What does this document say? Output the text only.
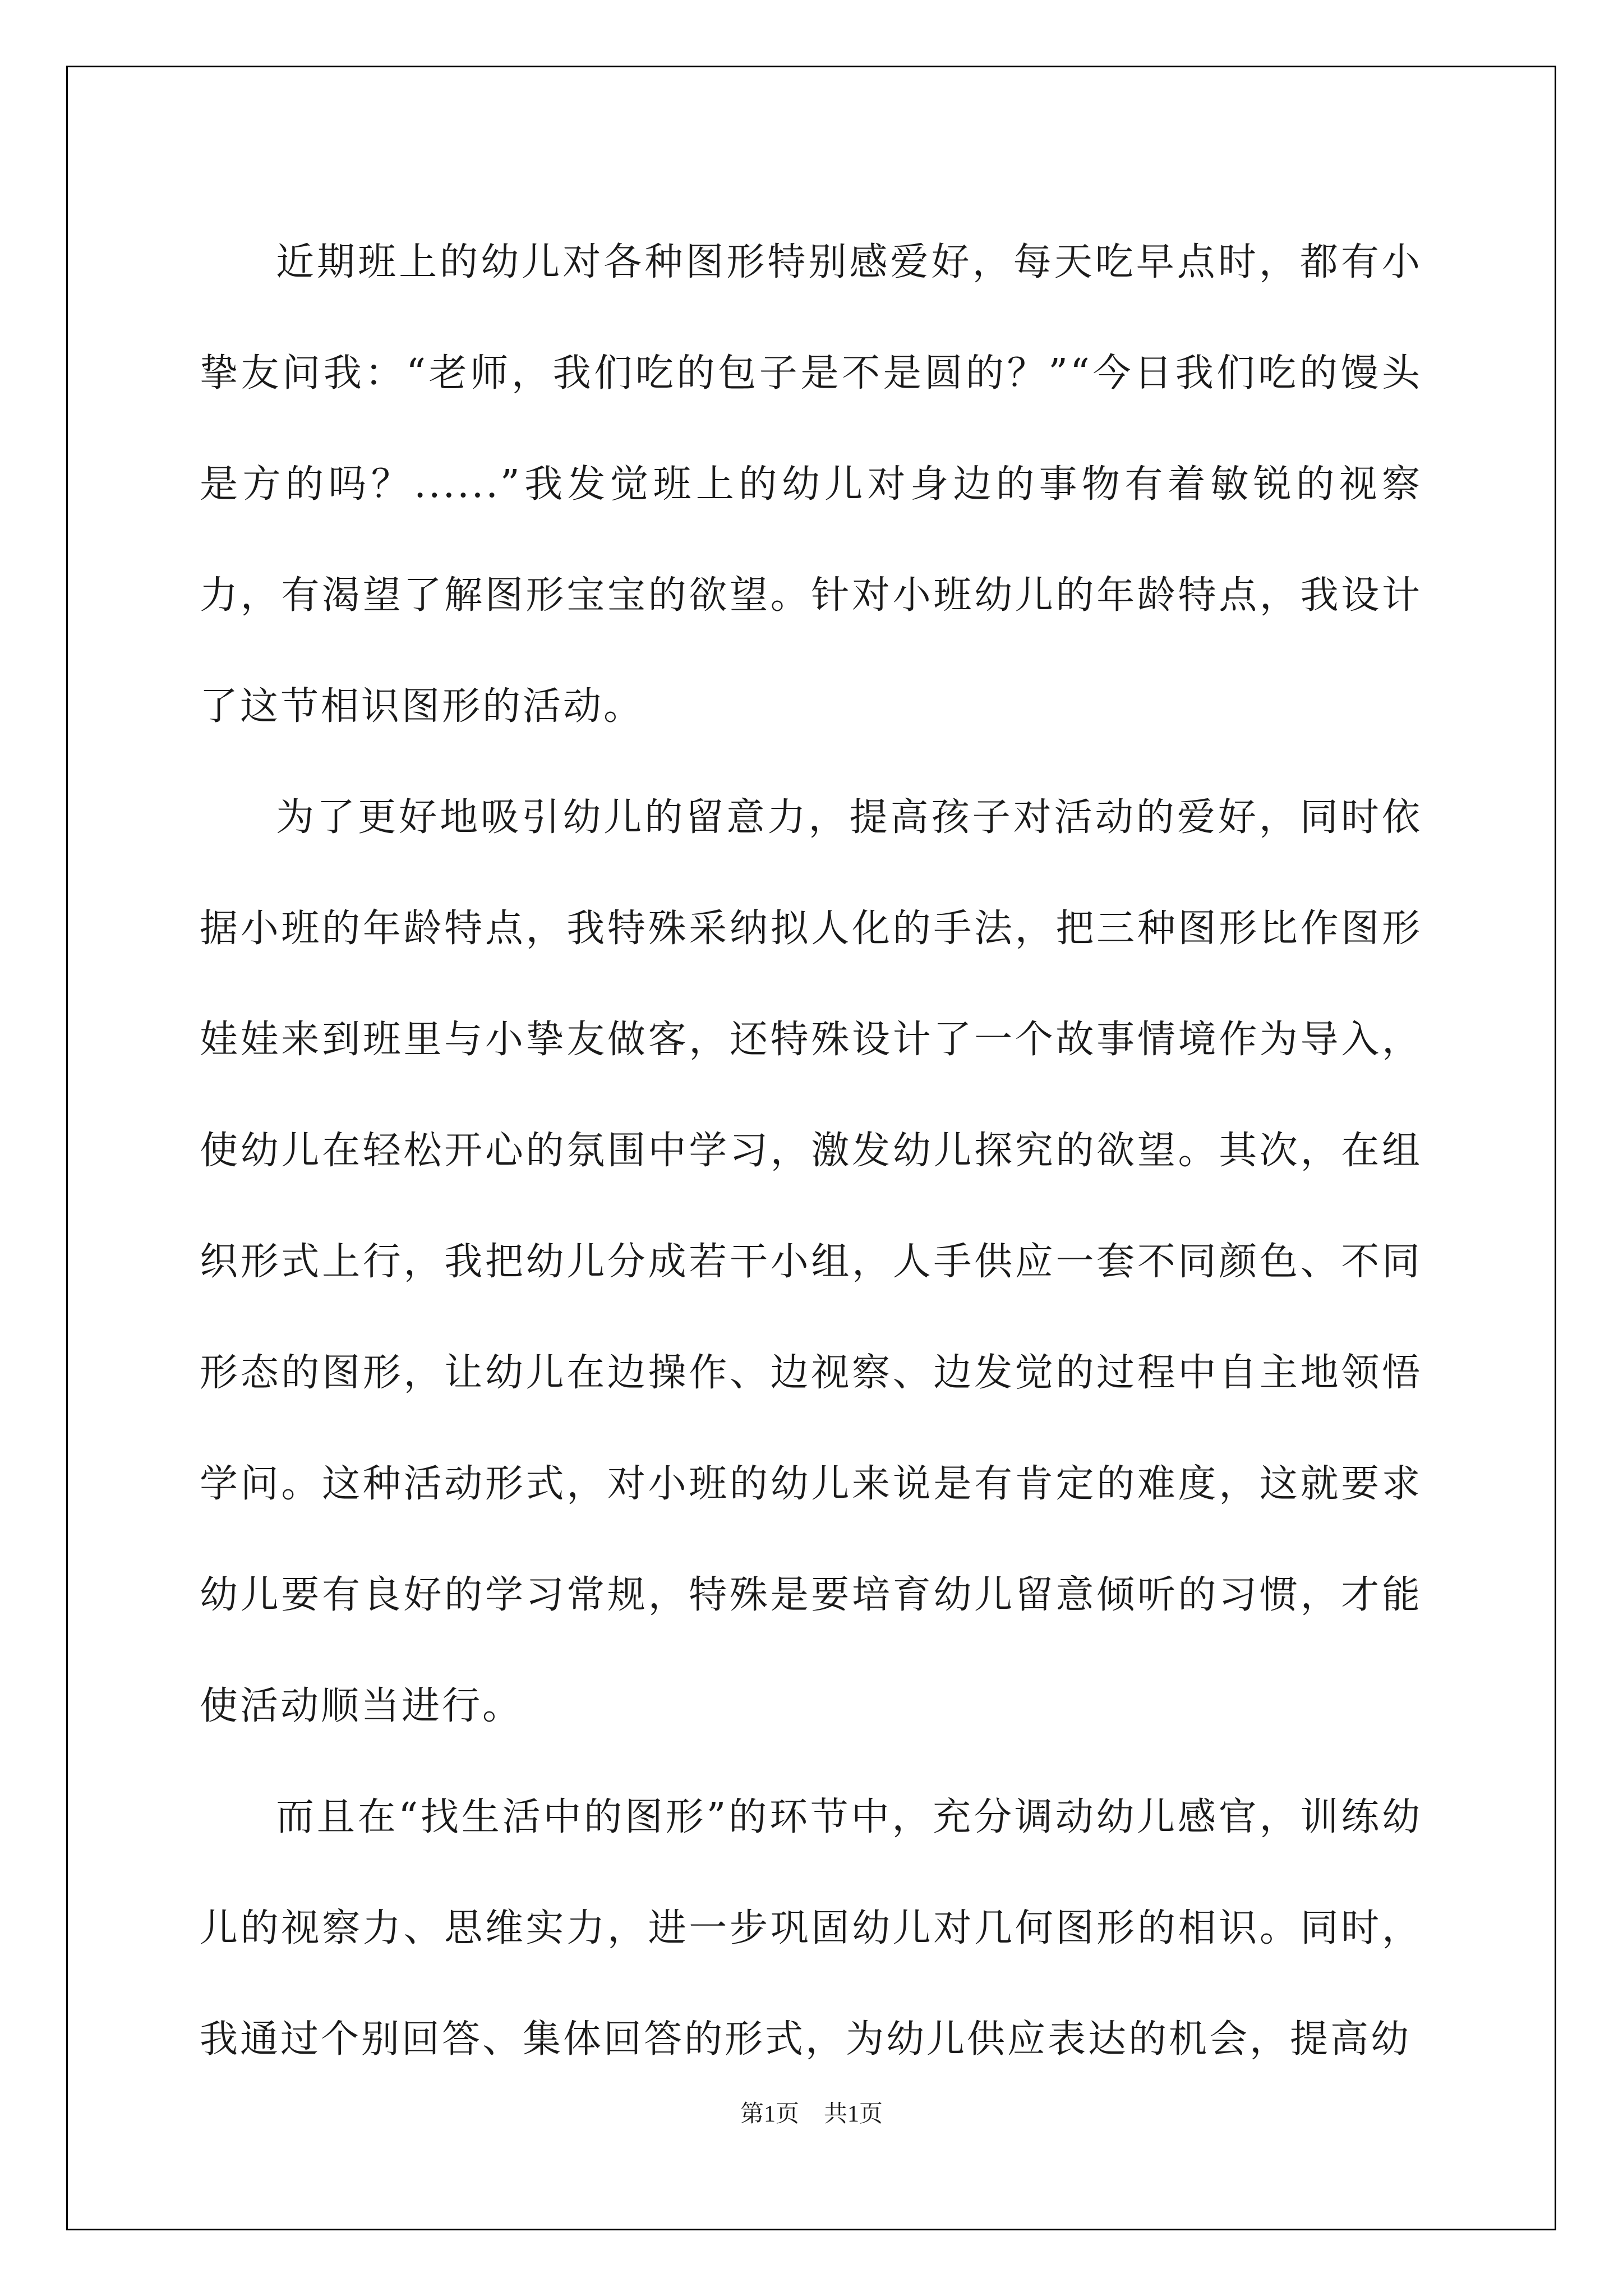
近期班上的幼儿对各种图形特别感爱好，每天吃早点时，都有小挚友问我：“老师，我们吃的包子是不是圆的？”“今日我们吃的馒头是方的吗？......”我发觉班上的幼儿对身边的事物有着敏锐的视察力，有渴望了解图形宝宝的欲望。针对小班幼儿的年龄特点，我设计了这节相识图形的活动。

为了更好地吸引幼儿的留意力，提高孩子对活动的爱好，同时依据小班的年龄特点，我特殊采纳拟人化的手法，把三种图形比作图形娃娃来到班里与小挚友做客，还特殊设计了一个故事情境作为导入，使幼儿在轻松开心的氛围中学习，激发幼儿探究的欲望。其次，在组织形式上行，我把幼儿分成若干小组，人手供应一套不同颜色、不同形态的图形，让幼儿在边操作、边视察、边发觉的过程中自主地领悟学问。这种活动形式，对小班的幼儿来说是有肯定的难度，这就要求幼儿要有良好的学习常规，特殊是要培育幼儿留意倾听的习惯，才能使活动顺当进行。

而且在“找生活中的图形”的环节中，充分调动幼儿感官，训练幼儿的视察力、思维实力，进一步巩固幼儿对几何图形的相识。同时，我通过个别回答、集体回答的形式，为幼儿供应表达的机会，提高幼

第1页 共1页
